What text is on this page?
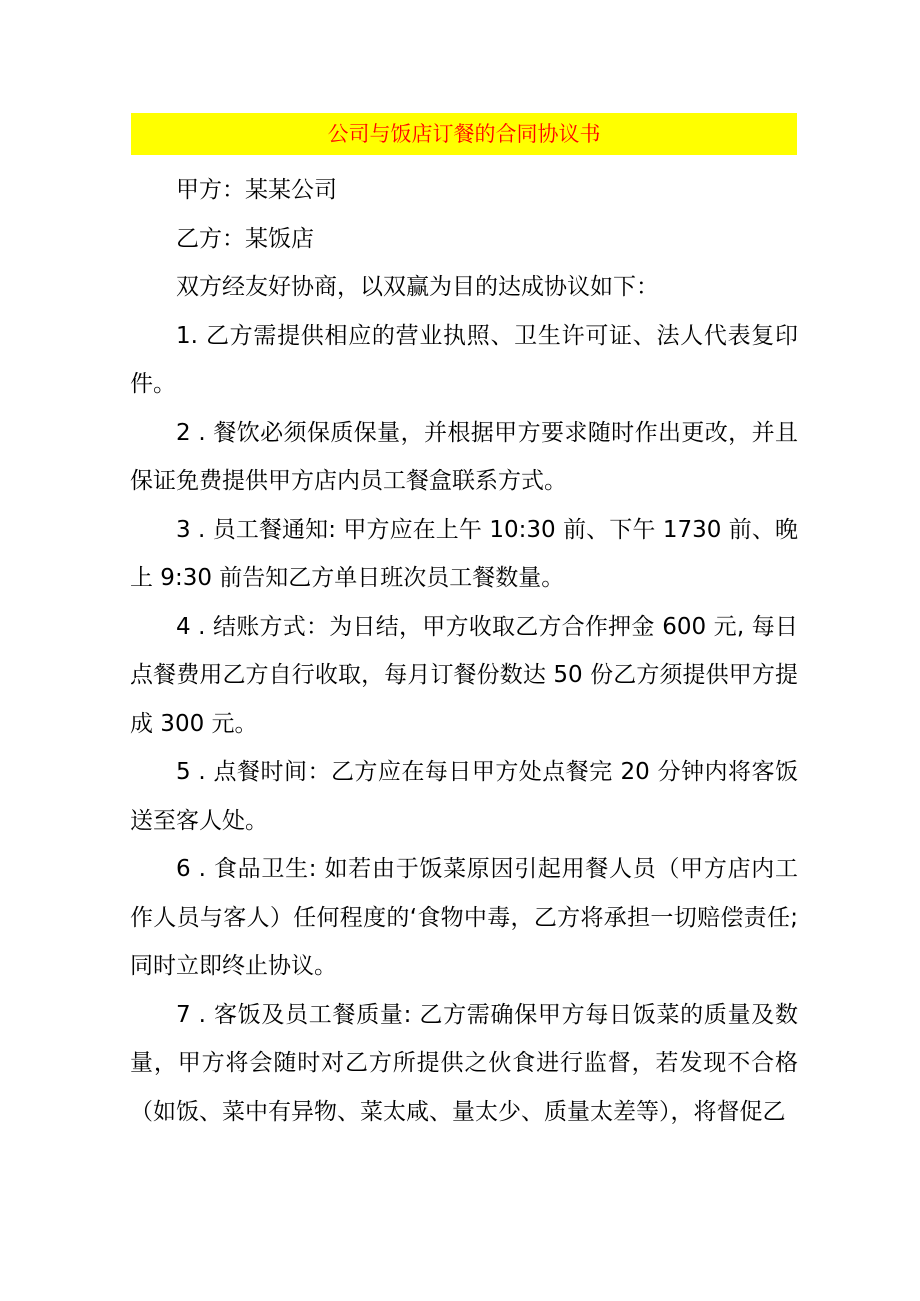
公司与饭店订餐的合同协议书

甲方：某某公司

乙方：某饭店

双方经友好协商，以双赢为目的达成协议如下：

1. 乙方需提供相应的营业执照、卫生许可证、法人代表复印件。

2 . 餐饮必须保质保量，并根据甲方要求随时作出更改，并且保证免费提供甲方店内员工餐盒联系方式。

3 . 员工餐通知: 甲方应在上午 10:30 前、下午 1730 前、晚上 9:30 前告知乙方单日班次员工餐数量。

4 . 结账方式：为日结，甲方收取乙方合作押金 600 元, 每日点餐费用乙方自行收取，每月订餐份数达 50 份乙方须提供甲方提成 300 元。

5 . 点餐时间：乙方应在每日甲方处点餐完 20 分钟内将客饭送至客人处。

6 . 食品卫生: 如若由于饭菜原因引起用餐人员（甲方店内工作人员与客人）任何程度的‘食物中毒，乙方将承担一切赔偿责任; 同时立即终止协议。

7 . 客饭及员工餐质量: 乙方需确保甲方每日饭菜的质量及数量，甲方将会随时对乙方所提供之伙食进行监督，若发现不合格（如饭、菜中有异物、菜太咸、量太少、质量太差等），将督促乙
